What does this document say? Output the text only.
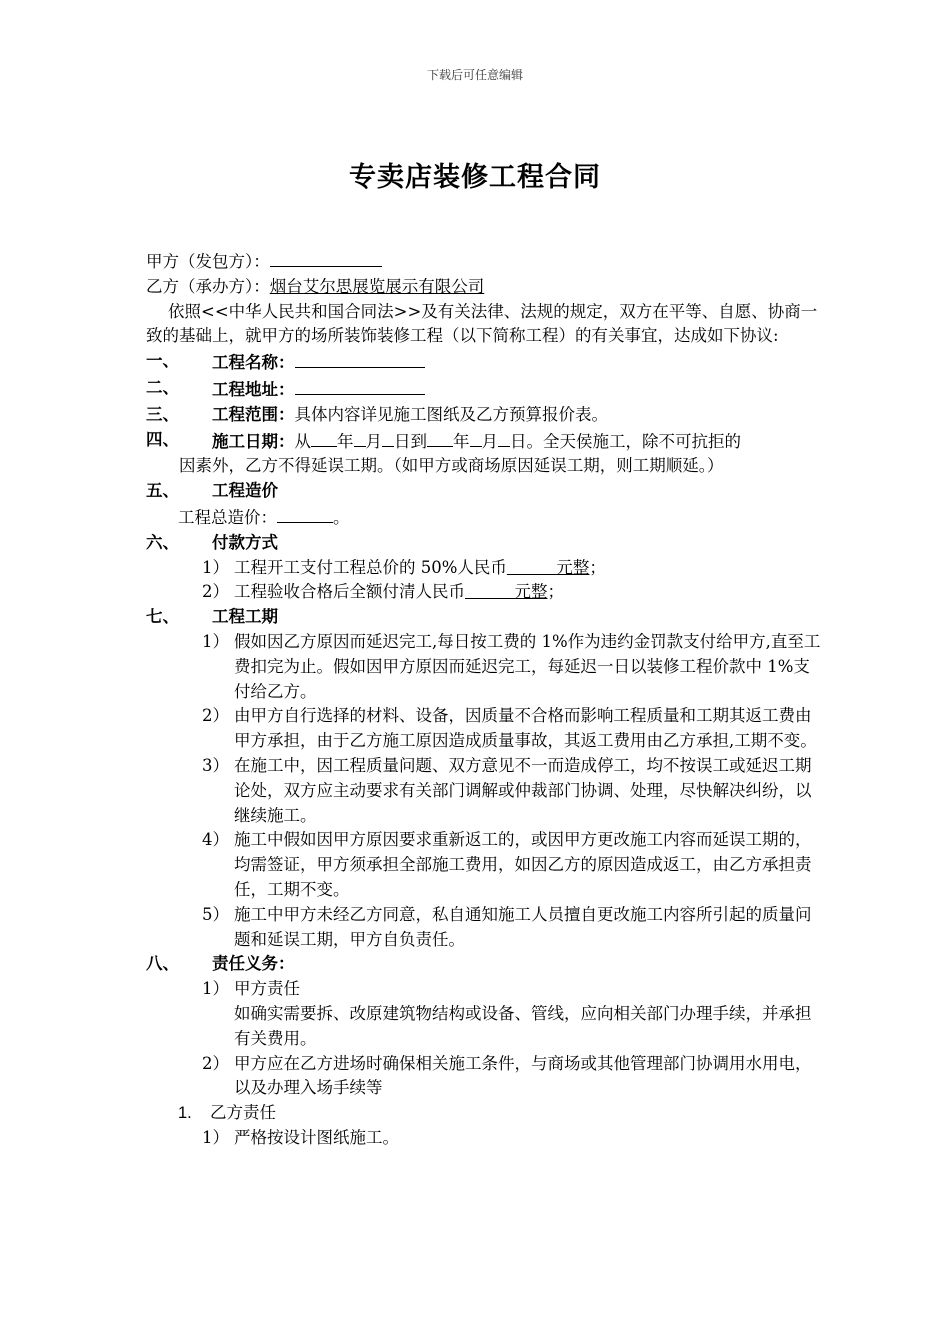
下载后可任意编辑
专卖店装修工程合同
甲方（发包方）：
乙方（承办方）：烟台艾尔思展览展示有限公司
依照<<中华人民共和国合同法>>及有关法律、法规的规定，双方在平等、自愿、协商一致的基础上，就甲方的场所装饰装修工程（以下简称工程）的有关事宜，达成如下协议:
一、	工程名称：
二、	工程地址：
三、	工程范围：具体内容详见施工图纸及乙方预算报价表。
四、	施工日期：从 年 月 日到 年 月 日。全天侯施工，除不可抗拒的
因素外，乙方不得延误工期。（如甲方或商场原因延误工期，则工期顺延。）
五、	工程造价
工程总造价：	。
六、	付款方式
1） 工程开工支付工程总价的 50%人民币   	元整；
2） 工程验收合格后全额付清人民币   	元整；
七、	工程工期
1） 假如因乙方原因而延迟完工,每日按工费的 1%作为违约金罚款支付给甲方,直至工费扣完为止。假如因甲方原因而延迟完工，每延迟一日以装修工程价款中 1%支付给乙方。
2） 由甲方自行选择的材料、设备，因质量不合格而影响工程质量和工期其返工费由甲方承担，由于乙方施工原因造成质量事故，其返工费用由乙方承担,工期不变。
3） 在施工中，因工程质量问题、双方意见不一而造成停工，均不按误工或延迟工期论处，双方应主动要求有关部门调解或仲裁部门协调、处理，尽快解决纠纷，以继续施工。
4） 施工中假如因甲方原因要求重新返工的，或因甲方更改施工内容而延误工期的，均需签证，甲方须承担全部施工费用，如因乙方的原因造成返工，由乙方承担责任，工期不变。
5） 施工中甲方未经乙方同意，私自通知施工人员擅自更改施工内容所引起的质量问题和延误工期，甲方自负责任。
八、	责任义务：
1） 甲方责任
如确实需要拆、改原建筑物结构或设备、管线，应向相关部门办理手续，并承担有关费用。
2） 甲方应在乙方进场时确保相关施工条件，与商场或其他管理部门协调用水用电，以及办理入场手续等
1.	乙方责任
1） 严格按设计图纸施工。
